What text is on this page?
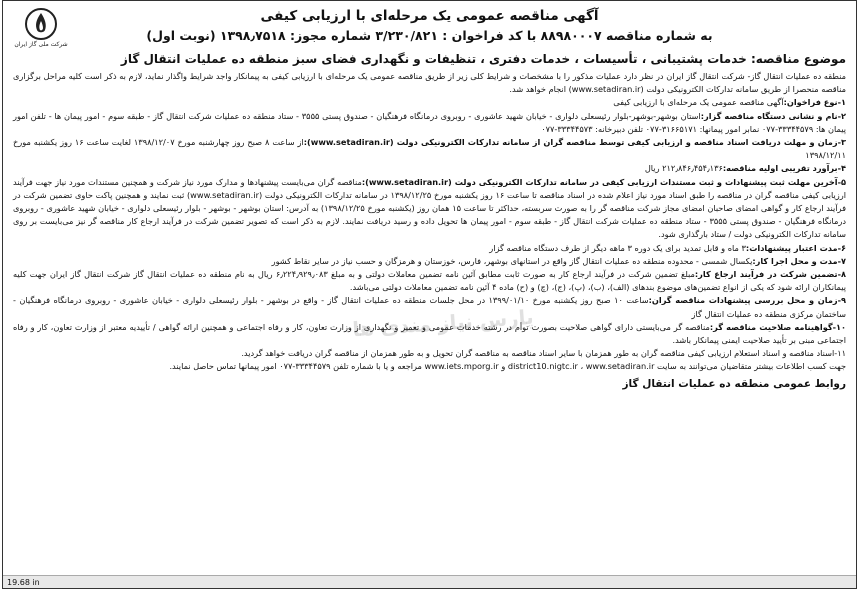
شرکت ملی گاز ایران
آگهی مناقصه عمومی یک مرحله‌ای با ارزیابی کیفی
به شماره مناقصه ۸۸۹۸۰۰۰۷ با کد فراخوان : ۳/۲۳۰/۸۲۱ شماره مجوز: ۱۳۹۸٫۷۵۱۸ (نوبت اول)
موضوع مناقصه: خدمات پشتیبانی ، تأسیسات ، خدمات دفتری ، تنظیفات و نگهداری فضای سبز منطقه ده عملیات انتقال گاز

منطقه ده عملیات انتقال گاز- شرکت انتقال گاز ایران در نظر دارد عملیات مذکور را با مشخصات و شرایط کلی زیر از طریق مناقصه عمومی یک مرحله‌ای با ارزیابی کیفی به پیمانکار واجد شرایط واگذار نماید، لازم به ذکر است کلیه مراحل برگزاری مناقصه منحصرا از طریق سامانه تدارکات الکترونیکی دولت (www.setadiran.ir) انجام خواهد شد.

۱-نوع فراخوان:آگهی مناقصه عمومی یک مرحله‌ای با ارزیابی کیفی

۲-نام و نشانی دستگاه مناقصه گزار:استان بوشهر-بوشهر-بلوار رئیسعلی دلواری - خیابان شهید عاشوری - روبروی درمانگاه فرهنگیان - صندوق پستی ۳۵۵۵ - ستاد منطقه ده عملیات شرکت انتقال گاز - طبقه سوم - امور پیمان ها - تلفن امور پیمان ها: ۳۳۳۴۴۵۷۹-۰۷۷ نمابر امور پیمانها: ۳۱۶۶۵۱۷۱-۰۷۷ تلفن دبیرخانه: ۳۳۳۴۴۵۷۳-۰۷۷

۳-زمان و مهلت دریافت اسناد مناقصه و ارزیابی کیفی توسط مناقصه گران از سامانه تدارکات الکترونیکی دولت (www.setadiran.ir):از ساعت ۸ صبح روز چهارشنبه مورخ ۱۳۹۸/۱۲/۰۷ لغایت ساعت ۱۶ روز یکشنبه مورخ ۱۳۹۸/۱۲/۱۱

۴-برآورد تقریبی اولیه مناقصه:۲۱۲٫۸۴۶٫۴۵۴٫۱۳۶ ریال

۵-آخرین مهلت ثبت پیشنهادات و ثبت مستندات ارزیابی کیفی در سامانه تدارکات الکترونیکی دولت (www.setadiran.ir):مناقصه گران می‌بایست پیشنهادها و مدارک مورد نیاز شرکت و همچنین مستندات مورد نیاز جهت فرآیند ارزیابی کیفی مناقصه گران در مناقصه را طبق اسناد مورد نیاز اعلام شده در اسناد مناقصه تا ساعت ۱۶ روز یکشنبه مورخ ۱۳۹۸/۱۲/۲۵ در سامانه تدارکات الکترونیکی دولت (www.setadiran.ir) ثبت نمایند و همچنین پاکت حاوی تضمین شرکت در فرآیند ارجاع کار و گواهی امضای صاحبان امضای مجاز شرکت مناقصه گر را به صورت سربسته، حداکثر تا ساعت ۱۵ همان روز (یکشنبه مورخ ۱۳۹۸/۱۲/۲۵) به آدرس: استان بوشهر - بوشهر - بلوار رئیسعلی دلواری - خیابان شهید عاشوری - روبروی درمانگاه فرهنگیان - صندوق پستی ۳۵۵۵ - ستاد منطقه ده عملیات شرکت انتقال گاز - طبقه سوم - امور پیمان ها تحویل داده و رسید دریافت نمایند. لازم به ذکر است که تصویر تضمین شرکت در فرآیند ارجاع کار مناقصه گر نیز می‌بایست بر روی سامانه تدارکات الکترونیکی دولت / ستاد بارگذاری شود.

۶-مدت اعتبار پیشنهادات:۳ ماه و قابل تمدید برای یک دوره ۳ ماهه دیگر از طرف دستگاه مناقصه گزار

۷-مدت و محل اجرا کار:یکسال شمسی - محدوده منطقه ده عملیات انتقال گاز واقع در استانهای بوشهر، فارس، خوزستان و هرمزگان و حسب نیاز در سایر نقاط کشور

۸-تضمین شرکت در فرآیند ارجاع کار:مبلغ تضمین شرکت در فرآیند ارجاع کار به صورت ثابت مطابق آئین نامه تضمین معاملات دولتی و به مبلغ ۶٫۲۲۴٫۹۲۹٫۰۸۳ ریال به نام منطقه ده عملیات انتقال گاز شرکت انتقال گاز ایران جهت کلیه پیمانکاران ارائه شود که یکی از انواع تضمین‌های موضوع بندهای (الف)، (ب)، (پ)، (ج)، (چ) و (ح) ماده ۴ آئین نامه تضمین معاملات دولتی می‌باشد.

۹-زمان و محل بررسی پیشنهادات مناقصه گران:ساعت ۱۰ صبح روز یکشنبه مورخ ۱۳۹۹/۰۱/۱۰ در محل جلسات منطقه ده عملیات انتقال گاز - واقع در بوشهر - بلوار رئیسعلی دلواری - خیابان عاشوری - روبروی درمانگاه فرهنگیان - ساختمان مرکزی منطقه ده عملیات انتقال گاز

۱۰-گواهینامه صلاحیت مناقصه گر:مناقصه گر می‌بایستی دارای گواهی صلاحیت بصورت توأم در رشته خدمات عمومی و تعمیر و نگهداری از وزارت تعاون، کار و رفاه اجتماعی و همچنین ارائه گواهی / تأییدیه معتبر از وزارت تعاون، کار و رفاه اجتماعی مبنی بر تأیید صلاحیت ایمنی پیمانکار باشد.

۱۱-اسناد مناقصه و اسناد استعلام ارزیابی کیفی مناقصه گران به طور همزمان با سایر اسناد مناقصه به مناقصه گران تحویل و به طور همزمان از مناقصه گران دریافت خواهد گردید.

جهت کسب اطلاعات بیشتر متقاضیان می‌توانند به سایت district10.nigtc.ir ، www.setadiran.ir و www.iets.mporg.ir مراجعه و یا با شماره تلفن ۳۳۳۴۴۵۷۹-۰۷۷ امور پیمانها تماس حاصل نمایند.

پارس نیاز مندی ها
روابط عمومی منطقه ده عملیات انتقال گاز
19.68 in
